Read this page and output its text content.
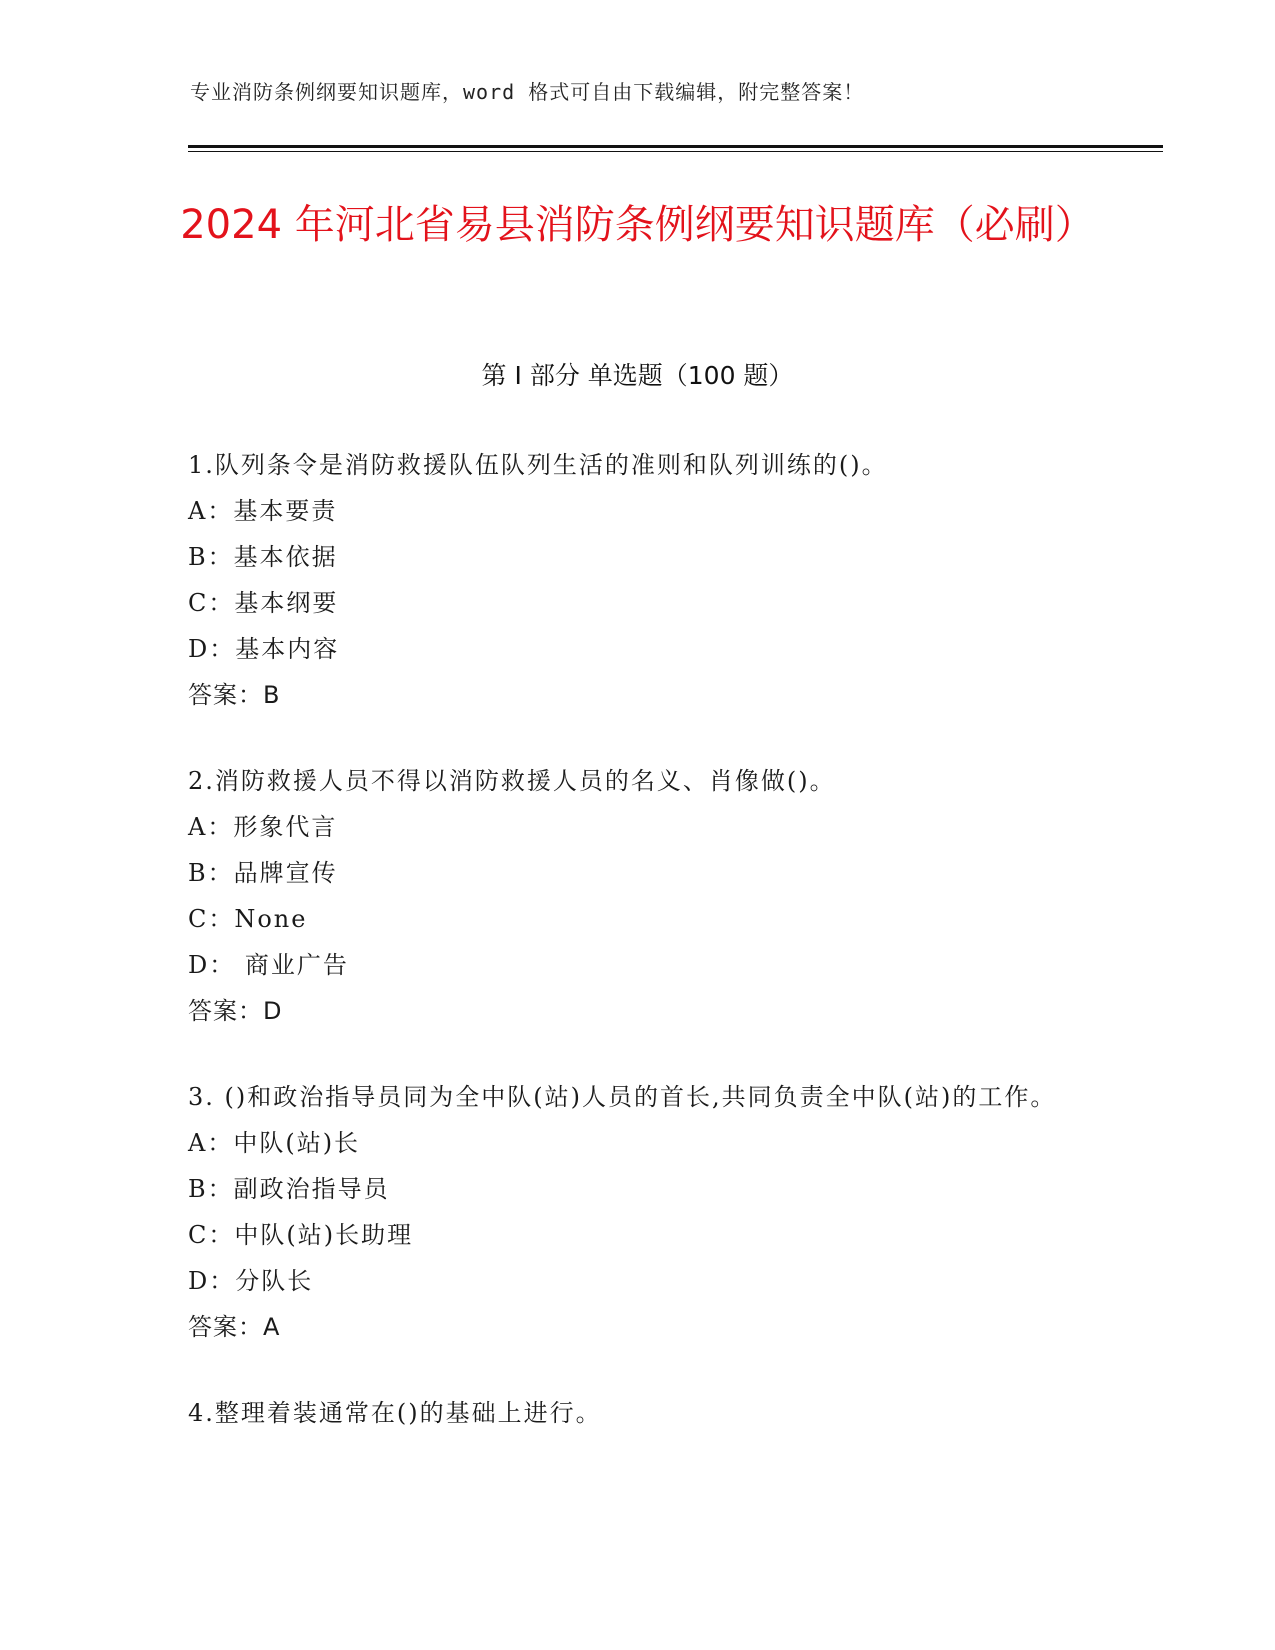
专业消防条例纲要知识题库，word 格式可自由下载编辑，附完整答案！
2024 年河北省易县消防条例纲要知识题库（必刷）
第 I 部分 单选题（100 题）
1.队列条令是消防救援队伍队列生活的准则和队列训练的()。
A：基本要责
B：基本依据
C：基本纲要
D：基本内容
答案：B
2.消防救援人员不得以消防救援人员的名义、肖像做()。
A：形象代言
B：品牌宣传
C：None
D： 商业广告
答案：D
3. ()和政治指导员同为全中队(站)人员的首长,共同负责全中队(站)的工作。
A：中队(站)长
B：副政治指导员
C：中队(站)长助理
D：分队长
答案：A
4.整理着装通常在()的基础上进行。
